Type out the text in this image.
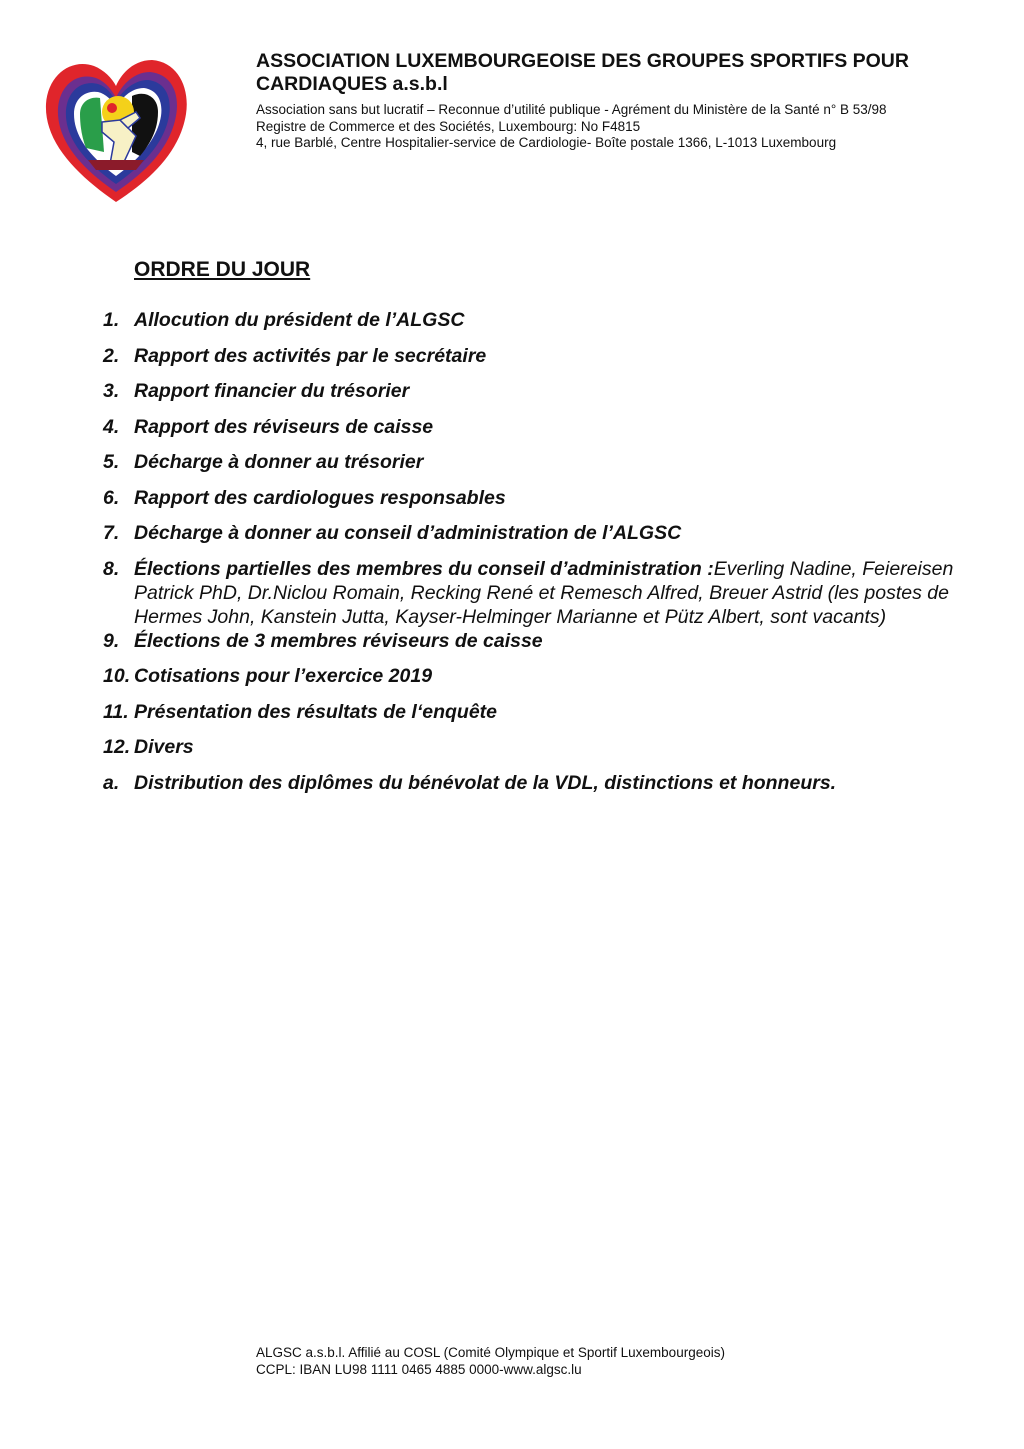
ASSOCIATION LUXEMBOURGEOISE DES GROUPES SPORTIFS POUR CARDIAQUES a.s.b.l

Association sans but lucratif – Reconnue d’utilité publique - Agrément du Ministère de la Santé n° B 53/98

Registre de Commerce et des Sociétés, Luxembourg: No F4815

4, rue Barblé, Centre Hospitalier-service de Cardiologie- Boîte postale 1366, L-1013 Luxembourg

ORDRE DU JOUR
1. Allocution du président de l’ALGSC
2. Rapport des activités par le secrétaire
3. Rapport financier du trésorier
4. Rapport des réviseurs de caisse
5. Décharge à donner au trésorier
6. Rapport des cardiologues responsables
7. Décharge à donner au conseil d’administration de l’ALGSC
8. Élections partielles des membres du conseil d’administration :Everling Nadine, Feiereisen Patrick PhD, Dr.Niclou Romain, Recking René et Remesch Alfred, Breuer Astrid (les postes de Hermes John, Kanstein Jutta, Kayser-Helminger Marianne et Pütz Albert, sont vacants)
9. Élections de 3 membres réviseurs de caisse
10. Cotisations pour l’exercice 2019
11. Présentation des résultats de l‘enquête
12. Divers
a. Distribution des diplômes du bénévolat de la VDL, distinctions et honneurs.

ALGSC a.s.b.l. Affilié au COSL (Comité Olympique et Sportif Luxembourgeois)

CCPL: IBAN LU98 1111 0465 4885 0000-www.algsc.lu
